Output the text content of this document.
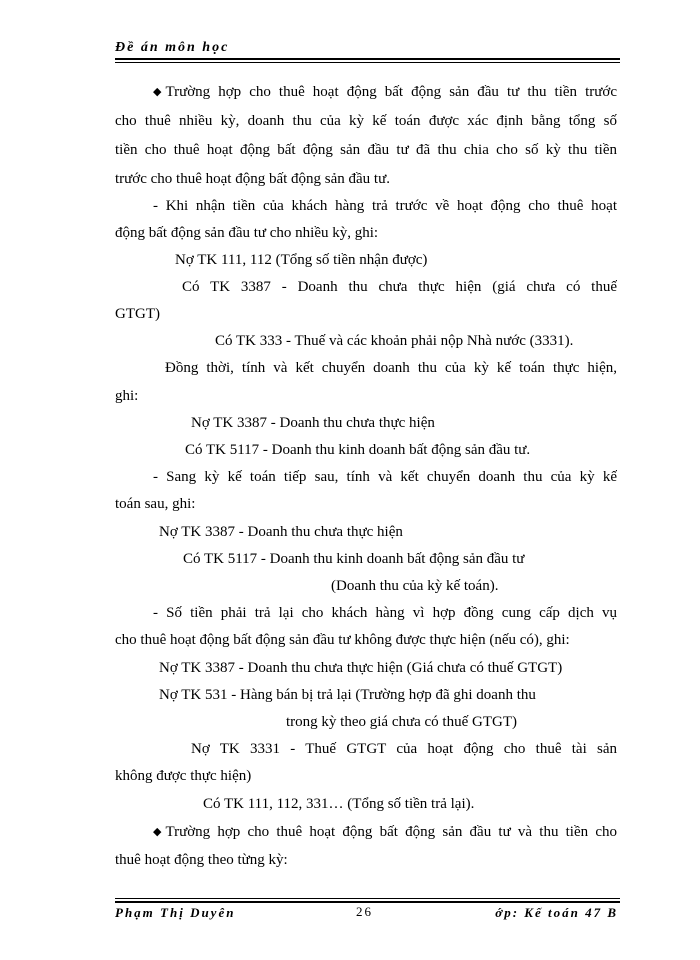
Đề án môn học
◆ Trường hợp cho thuê hoạt động bất động sản đầu tư thu tiền trước
cho thuê nhiều kỳ, doanh thu của kỳ kế toán được xác định bằng tổng số
tiền cho thuê hoạt động bất động sản đầu tư đã thu chia cho số kỳ thu tiền
trước cho thuê hoạt động bất động sản đầu tư.
- Khi nhận tiền của khách hàng trả trước về hoạt động cho thuê hoạt
động bất động sản đầu tư cho nhiều kỳ, ghi:
Nợ TK 111, 112 (Tổng số tiền nhận được)
Có TK 3387 - Doanh thu chưa thực hiện (giá chưa có thuế
GTGT)
Có TK 333 - Thuế và các khoản phải nộp Nhà nước (3331).
Đồng thời, tính và kết chuyển doanh thu của kỳ kế toán thực hiện,
ghi:
Nợ TK 3387 - Doanh thu chưa thực hiện
Có TK 5117 - Doanh thu kinh doanh bất động sản đầu tư.
- Sang kỳ kế toán tiếp sau, tính và kết chuyển doanh thu của kỳ kế
toán sau, ghi:
Nợ TK 3387 - Doanh thu chưa thực hiện
Có TK 5117 - Doanh thu kinh doanh bất động sản đầu tư
(Doanh thu của kỳ kế toán).
- Số tiền phải trả lại cho khách hàng vì hợp đồng cung cấp dịch vụ
cho thuê hoạt động bất động sản đầu tư không được thực hiện (nếu có), ghi:
Nợ TK 3387 - Doanh thu chưa thực hiện (Giá chưa có thuế GTGT)
Nợ TK 531 - Hàng bán bị trả lại (Trường hợp đã ghi doanh thu
trong kỳ theo giá chưa có thuế GTGT)
Nợ TK 3331 - Thuế GTGT của hoạt động cho thuê tài sản
không được thực hiện)
Có TK 111, 112, 331… (Tổng số tiền trả lại).
◆ Trường hợp cho thuê hoạt động bất động sản đầu tư và thu tiền cho
thuê hoạt động theo từng kỳ:
Phạm Thị Duyên	26	ớp: Kế toán 47 B
